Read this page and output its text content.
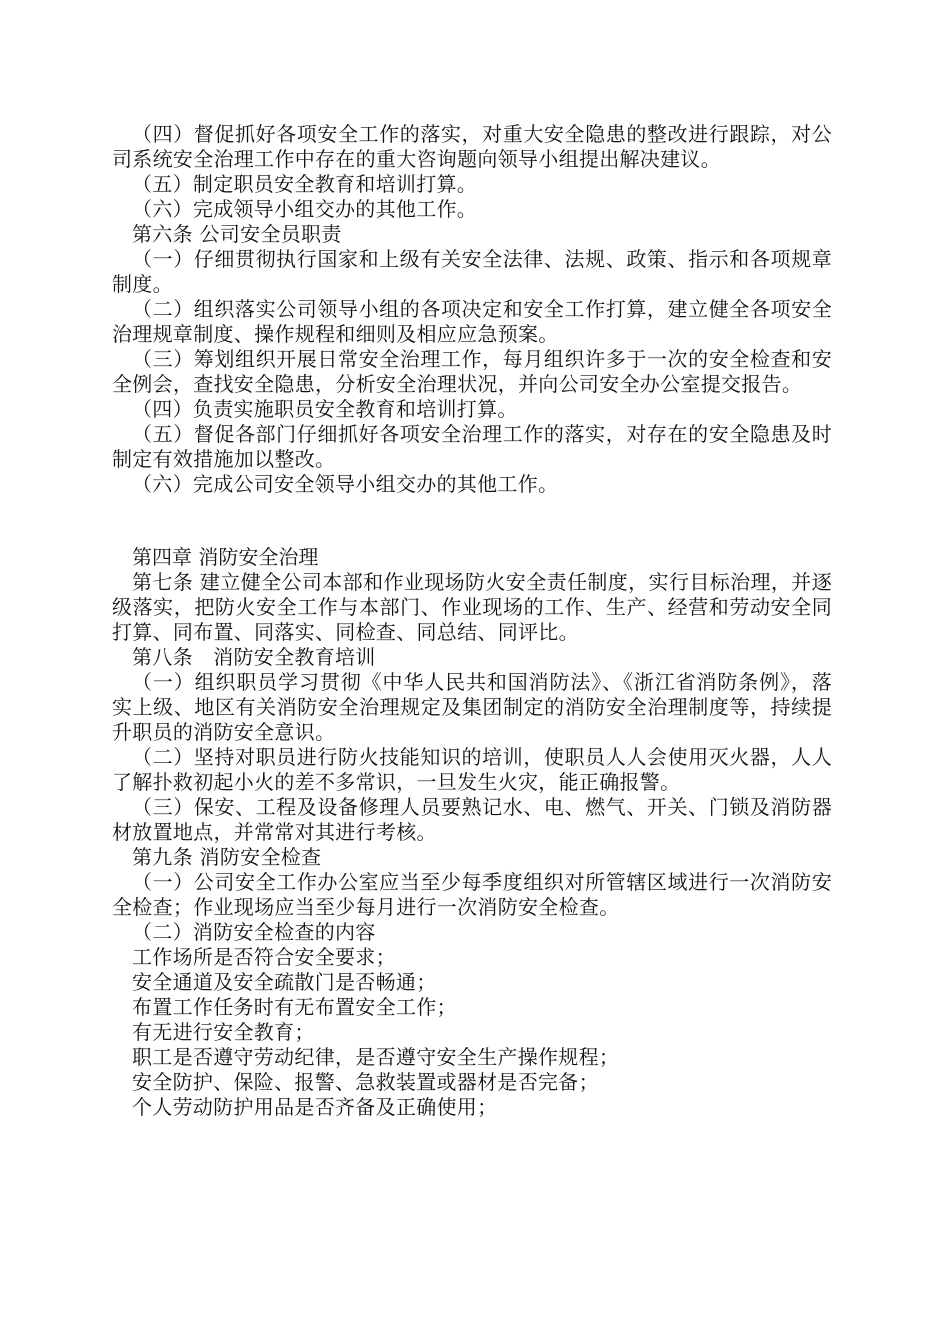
（四）督促抓好各项安全工作的落实，对重大安全隐患的整改进行跟踪，对公司系统安全治理工作中存在的重大咨询题向领导小组提出解决建议。

（五）制定职员安全教育和培训打算。

（六）完成领导小组交办的其他工作。

第六条 公司安全员职责

（一）仔细贯彻执行国家和上级有关安全法律、法规、政策、指示和各项规章制度。

（二）组织落实公司领导小组的各项决定和安全工作打算，建立健全各项安全治理规章制度、操作规程和细则及相应应急预案。

（三）筹划组织开展日常安全治理工作，每月组织许多于一次的安全检查和安全例会，查找安全隐患，分析安全治理状况，并向公司安全办公室提交报告。

（四）负责实施职员安全教育和培训打算。

（五）督促各部门仔细抓好各项安全治理工作的落实，对存在的安全隐患及时制定有效措施加以整改。

（六）完成公司安全领导小组交办的其他工作。

第四章 消防安全治理

第七条 建立健全公司本部和作业现场防火安全责任制度，实行目标治理，并逐级落实，把防火安全工作与本部门、作业现场的工作、生产、经营和劳动安全同打算、同布置、同落实、同检查、同总结、同评比。

第八条　消防安全教育培训

（一）组织职员学习贯彻《中华人民共和国消防法》、《浙江省消防条例》，落实上级、地区有关消防安全治理规定及集团制定的消防安全治理制度等，持续提升职员的消防安全意识。

（二）坚持对职员进行防火技能知识的培训，使职员人人会使用灭火器，人人了解扑救初起小火的差不多常识，一旦发生火灾，能正确报警。

（三）保安、工程及设备修理人员要熟记水、电、燃气、开关、门锁及消防器材放置地点，并常常对其进行考核。

第九条 消防安全检查

（一）公司安全工作办公室应当至少每季度组织对所管辖区域进行一次消防安全检查；作业现场应当至少每月进行一次消防安全检查。

（二）消防安全检查的内容

工作场所是否符合安全要求；

安全通道及安全疏散门是否畅通；

布置工作任务时有无布置安全工作；

有无进行安全教育；

职工是否遵守劳动纪律，是否遵守安全生产操作规程；

安全防护、保险、报警、急救装置或器材是否完备；

个人劳动防护用品是否齐备及正确使用；
